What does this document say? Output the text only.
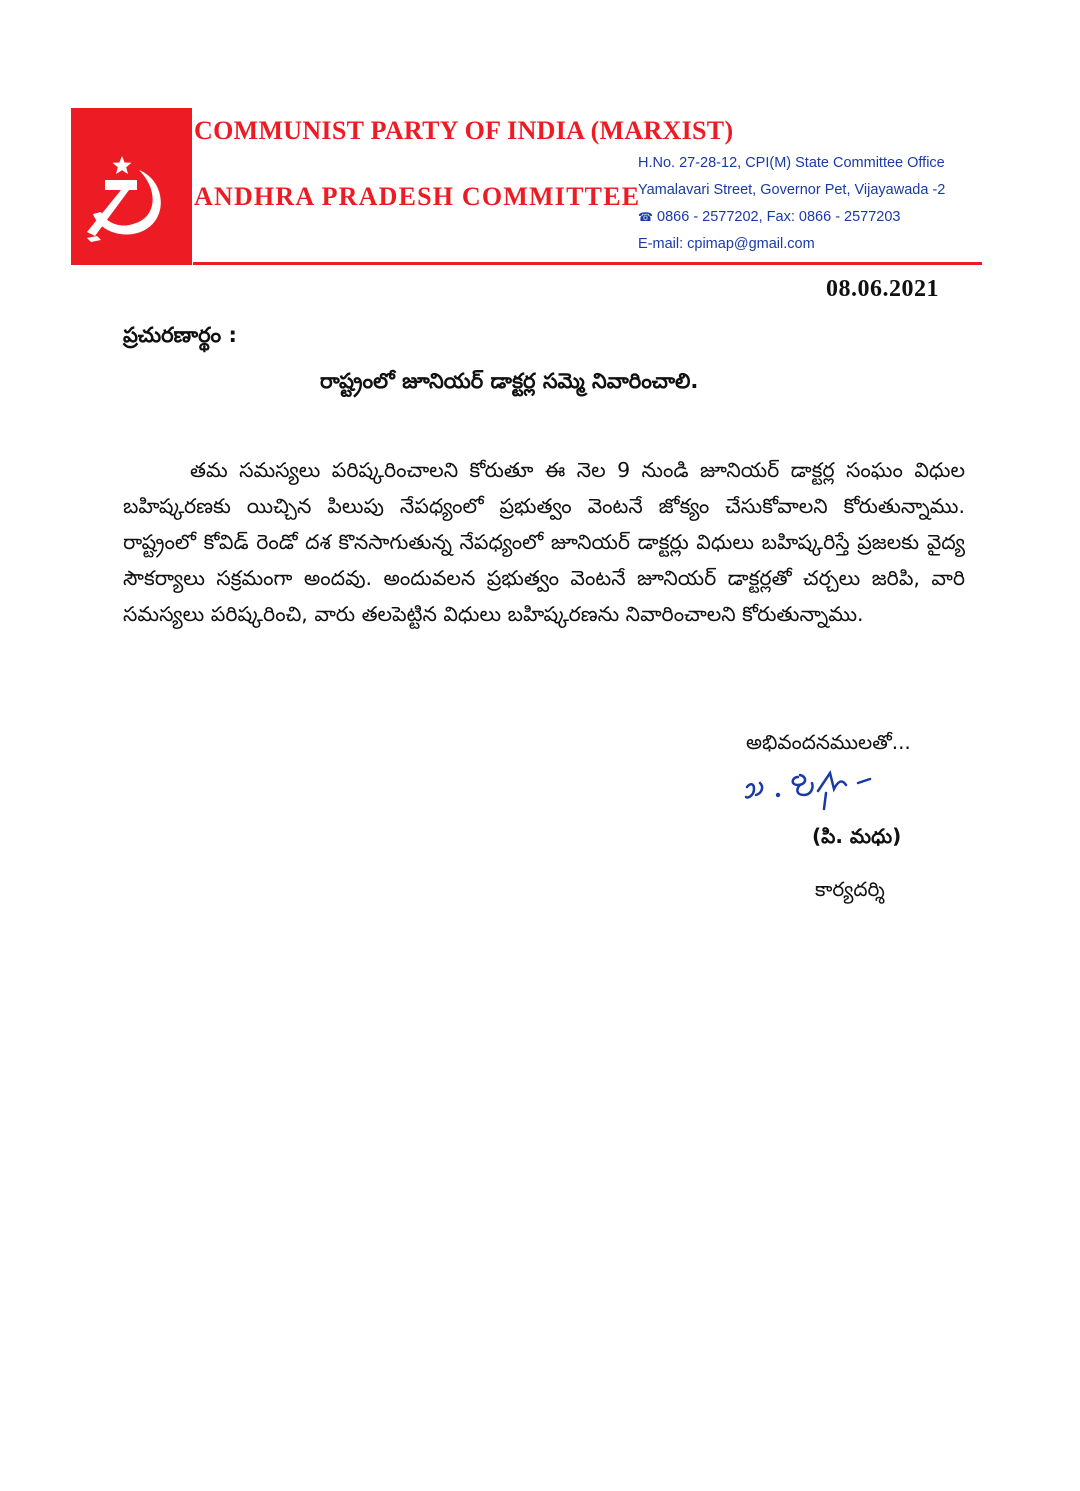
COMMUNIST PARTY OF INDIA (MARXIST)
ANDHRA PRADESH COMMITTEE
H.No. 27-28-12, CPI(M) State Committee Office
Yamalavari Street, Governor Pet, Vijayawada -2
☎ 0866 - 2577202, Fax: 0866 - 2577203
E-mail: cpimap@gmail.com
08.06.2021
ప్రచురణార్థం :
రాష్ట్రంలో జూనియర్ డాక్టర్ల సమ్మె నివారించాలి.
తమ సమస్యలు పరిష్కరించాలని కోరుతూ ఈ నెల 9 నుండి జూనియర్ డాక్టర్ల సంఘం విధుల బహిష్కరణకు యిచ్చిన పిలుపు నేపధ్యంలో ప్రభుత్వం వెంటనే జోక్యం చేసుకోవాలని కోరుతున్నాము. రాష్ట్రంలో కోవిడ్ రెండో దశ కొనసాగుతున్న నేపధ్యంలో జూనియర్ డాక్టర్లు విధులు బహిష్కరిస్తే ప్రజలకు వైద్య సౌకర్యాలు సక్రమంగా అందవు. అందువలన ప్రభుత్వం వెంటనే జూనియర్ డాక్టర్లతో చర్చలు జరిపి, వారి సమస్యలు పరిష్కరించి, వారు తలపెట్టిన విధులు బహిష్కరణను నివారించాలని కోరుతున్నాము.
అభివందనములతో...
(పి. మధు)
కార్యదర్శి
